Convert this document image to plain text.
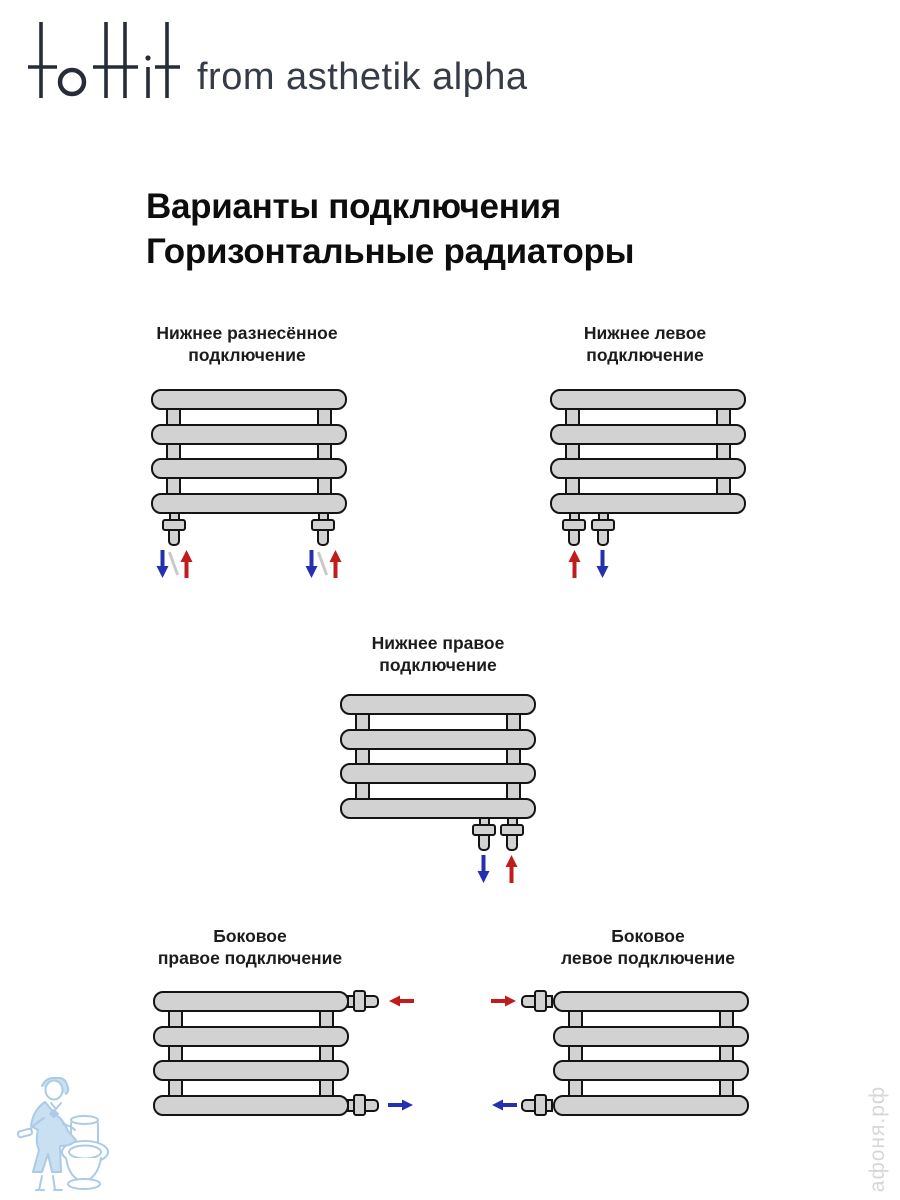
from asthetik alpha
Варианты подключения
Горизонтальные радиаторы
Нижнее разнесённое
подключение
Нижнее левое
подключение
Нижнее правое
подключение
Боковое
правое подключение
Боковое
левое подключение
афоня.рф
